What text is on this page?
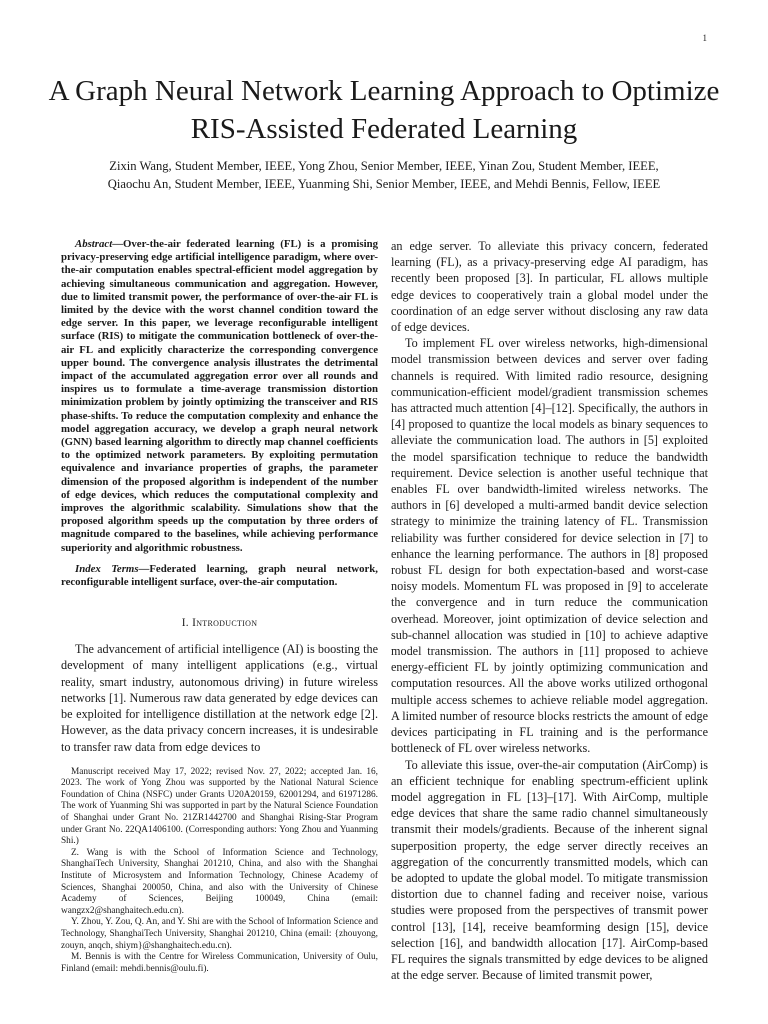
1
A Graph Neural Network Learning Approach to Optimize RIS-Assisted Federated Learning

Zixin Wang, Student Member, IEEE, Yong Zhou, Senior Member, IEEE, Yinan Zou, Student Member, IEEE,

Qiaochu An, Student Member, IEEE, Yuanming Shi, Senior Member, IEEE, and Mehdi Bennis, Fellow, IEEE

Abstract—Over-the-air federated learning (FL) is a promising privacy-preserving edge artificial intelligence paradigm, where over-the-air computation enables spectral-efficient model aggregation by achieving simultaneous communication and aggregation. However, due to limited transmit power, the performance of over-the-air FL is limited by the device with the worst channel condition toward the edge server. In this paper, we leverage reconfigurable intelligent surface (RIS) to mitigate the communication bottleneck of over-the-air FL and explicitly characterize the corresponding convergence upper bound. The convergence analysis illustrates the detrimental impact of the accumulated aggregation error over all rounds and inspires us to formulate a time-average transmission distortion minimization problem by jointly optimizing the transceiver and RIS phase-shifts. To reduce the computation complexity and enhance the model aggregation accuracy, we develop a graph neural network (GNN) based learning algorithm to directly map channel coefficients to the optimized network parameters. By exploiting permutation equivalence and invariance properties of graphs, the parameter dimension of the proposed algorithm is independent of the number of edge devices, which reduces the computational complexity and improves the algorithmic scalability. Simulations show that the proposed algorithm speeds up the computation by three orders of magnitude compared to the baselines, while achieving performance superiority and algorithmic robustness.

Index Terms—Federated learning, graph neural network, reconfigurable intelligent surface, over-the-air computation.

I. Introduction

The advancement of artificial intelligence (AI) is boosting the development of many intelligent applications (e.g., virtual reality, smart industry, autonomous driving) in future wireless networks [1]. Numerous raw data generated by edge devices can be exploited for intelligence distillation at the network edge [2]. However, as the data privacy concern increases, it is undesirable to transfer raw data from edge devices to

Manuscript received May 17, 2022; revised Nov. 27, 2022; accepted Jan. 16, 2023. The work of Yong Zhou was supported by the National Natural Science Foundation of China (NSFC) under Grants U20A20159, 62001294, and 61971286. The work of Yuanming Shi was supported in part by the Natural Science Foundation of Shanghai under Grant No. 21ZR1442700 and Shanghai Rising-Star Program under Grant No. 22QA1406100. (Corresponding authors: Yong Zhou and Yuanming Shi.)

Z. Wang is with the School of Information Science and Technology, ShanghaiTech University, Shanghai 201210, China, and also with the Shanghai Institute of Microsystem and Information Technology, Chinese Academy of Sciences, Shanghai 200050, China, and also with the University of Chinese Academy of Sciences, Beijing 100049, China (email: wangzx2@shanghaitech.edu.cn).

Y. Zhou, Y. Zou, Q. An, and Y. Shi are with the School of Information Science and Technology, ShanghaiTech University, Shanghai 201210, China (email: {zhouyong, zouyn, anqch, shiym}@shanghaitech.edu.cn).

M. Bennis is with the Centre for Wireless Communication, University of Oulu, Finland (email: mehdi.bennis@oulu.fi).

an edge server. To alleviate this privacy concern, federated learning (FL), as a privacy-preserving edge AI paradigm, has recently been proposed [3]. In particular, FL allows multiple edge devices to cooperatively train a global model under the coordination of an edge server without disclosing any raw data of edge devices.

To implement FL over wireless networks, high-dimensional model transmission between devices and server over fading channels is required. With limited radio resource, designing communication-efficient model/gradient transmission schemes has attracted much attention [4]–[12]. Specifically, the authors in [4] proposed to quantize the local models as binary sequences to alleviate the communication load. The authors in [5] exploited the model sparsification technique to reduce the bandwidth requirement. Device selection is another useful technique that enables FL over bandwidth-limited wireless networks. The authors in [6] developed a multi-armed bandit device selection strategy to minimize the training latency of FL. Transmission reliability was further considered for device selection in [7] to enhance the learning performance. The authors in [8] proposed robust FL design for both expectation-based and worst-case noisy models. Momentum FL was proposed in [9] to accelerate the convergence and in turn reduce the communication overhead. Moreover, joint optimization of device selection and sub-channel allocation was studied in [10] to achieve adaptive model transmission. The authors in [11] proposed to achieve energy-efficient FL by jointly optimizing communication and computation resources. All the above works utilized orthogonal multiple access schemes to achieve reliable model aggregation. A limited number of resource blocks restricts the amount of edge devices participating in FL training and is the performance bottleneck of FL over wireless networks.

To alleviate this issue, over-the-air computation (AirComp) is an efficient technique for enabling spectrum-efficient uplink model aggregation in FL [13]–[17]. With AirComp, multiple edge devices that share the same radio channel simultaneously transmit their models/gradients. Because of the inherent signal superposition property, the edge server directly receives an aggregation of the concurrently transmitted models, which can be adopted to update the global model. To mitigate transmission distortion due to channel fading and receiver noise, various studies were proposed from the perspectives of transmit power control [13], [14], receive beamforming design [15], device selection [16], and bandwidth allocation [17]. AirComp-based FL requires the signals transmitted by edge devices to be aligned at the edge server. Because of limited transmit power,
